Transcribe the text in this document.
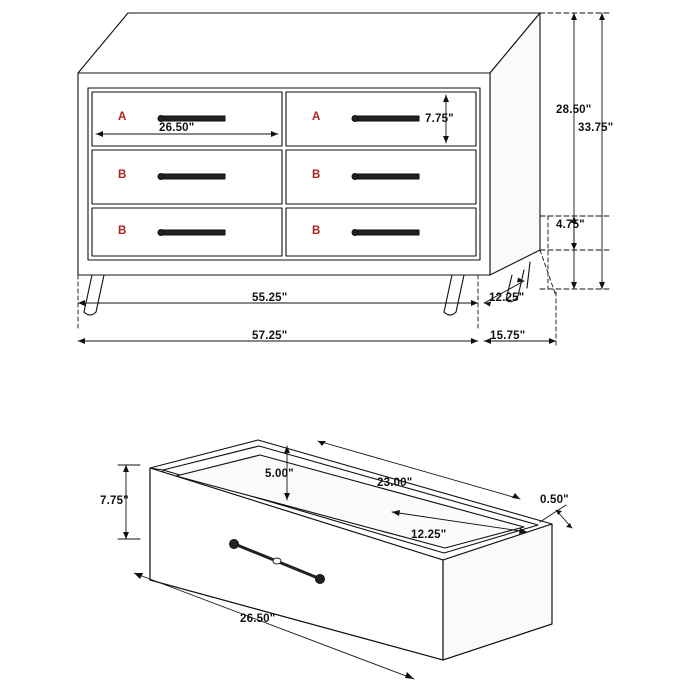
A	A
B	B
B	B
26.50"
7.75"
28.50"
33.75"
4.75"
55.25"
57.25"
12.25"
15.75"
7.75"
5.00"
23.00"
0.50"
12.25"
26.50"
